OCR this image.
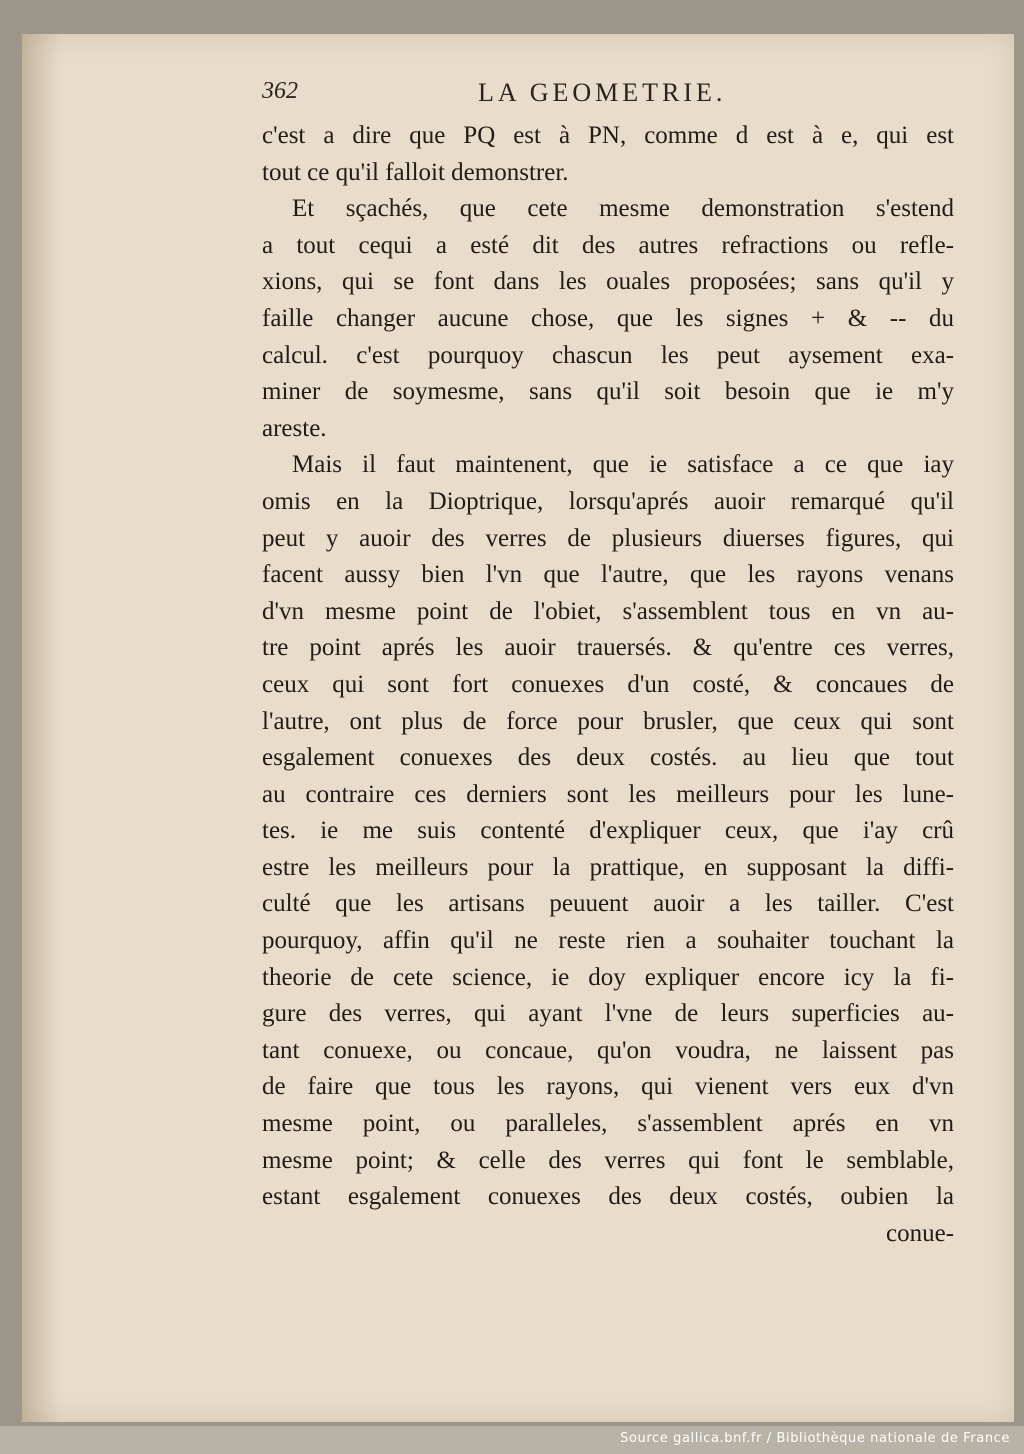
362	LA GEOMETRIE.
c'est a dire que PQ est à PN, comme d est à e, qui est
tout ce qu'il falloit demonstrer.
Et sçachés, que cete mesme demonstration s'estend
a tout cequi a esté dit des autres refractions ou refle-
xions, qui se font dans les ouales proposées; sans qu'il y
faille changer aucune chose, que les signes + & -- du
calcul. c'est pourquoy chascun les peut aysement exa-
miner de soymesme, sans qu'il soit besoin que ie m'y
areste.
Mais il faut maintenent, que ie satisface a ce que iay
omis en la Dioptrique, lorsqu'aprés auoir remarqué qu'il
peut y auoir des verres de plusieurs diuerses figures, qui
facent aussy bien l'vn que l'autre, que les rayons venans
d'vn mesme point de l'obiet, s'assemblent tous en vn au-
tre point aprés les auoir trauersés. & qu'entre ces verres,
ceux qui sont fort conuexes d'un costé, & concaues de
l'autre, ont plus de force pour brusler, que ceux qui sont
esgalement conuexes des deux costés. au lieu que tout
au contraire ces derniers sont les meilleurs pour les lune-
tes. ie me suis contenté d'expliquer ceux, que i'ay crû
estre les meilleurs pour la prattique, en supposant la diffi-
culté que les artisans peuuent auoir a les tailler. C'est
pourquoy, affin qu'il ne reste rien a souhaiter touchant la
theorie de cete science, ie doy expliquer encore icy la fi-
gure des verres, qui ayant l'vne de leurs superficies au-
tant conuexe, ou concaue, qu'on voudra, ne laissent pas
de faire que tous les rayons, qui vienent vers eux d'vn
mesme point, ou paralleles, s'assemblent aprés en vn
mesme point; & celle des verres qui font le semblable,
estant esgalement conuexes des deux costés, oubien la
conue-
Source gallica.bnf.fr / Bibliothèque nationale de France
